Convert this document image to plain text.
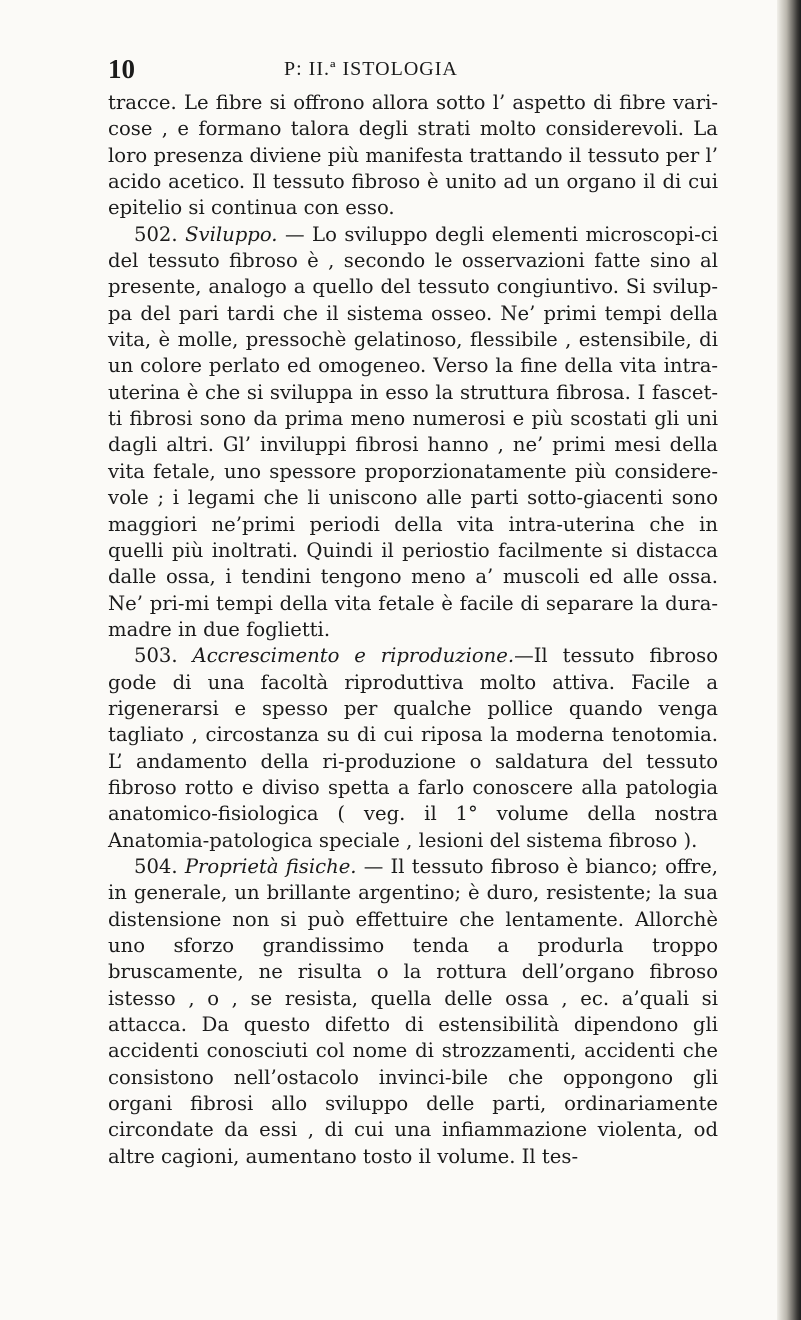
10	P: II.ª ISTOLOGIA

tracce. Le fibre si offrono allora sotto l’ aspetto di fibre vari-cose , e formano talora degli strati molto considerevoli. La loro presenza diviene più manifesta trattando il tessuto per l’ acido acetico. Il tessuto fibroso è unito ad un organo il di cui epitelio si continua con esso.

502. Sviluppo. — Lo sviluppo degli elementi microscopi-ci del tessuto fibroso è , secondo le osservazioni fatte sino al presente, analogo a quello del tessuto congiuntivo. Si svilup-pa del pari tardi che il sistema osseo. Ne’ primi tempi della vita, è molle, pressochè gelatinoso, flessibile , estensibile, di un colore perlato ed omogeneo. Verso la fine della vita intra-uterina è che si sviluppa in esso la struttura fibrosa. I fascet-ti fibrosi sono da prima meno numerosi e più scostati gli uni dagli altri. Gl’ inviluppi fibrosi hanno , ne’ primi mesi della vita fetale, uno spessore proporzionatamente più considere-vole ; i legami che li uniscono alle parti sotto-giacenti sono maggiori ne’primi periodi della vita intra-uterina che in quelli più inoltrati. Quindi il periostio facilmente si distacca dalle ossa, i tendini tengono meno a’ muscoli ed alle ossa. Ne’ pri-mi tempi della vita fetale è facile di separare la dura-madre in due foglietti.

503. Accrescimento e riproduzione.—Il tessuto fibroso gode di una facoltà riproduttiva molto attiva. Facile a rigenerarsi e spesso per qualche pollice quando venga tagliato , circostanza su di cui riposa la moderna tenotomia. L’ andamento della ri-produzione o saldatura del tessuto fibroso rotto e diviso spetta a farlo conoscere alla patologia anatomico-fisiologica ( veg. il 1° volume della nostra Anatomia-patologica speciale , lesioni del sistema fibroso ).

504. Proprietà fisiche. — Il tessuto fibroso è bianco; offre, in generale, un brillante argentino; è duro, resistente; la sua distensione non si può effettuire che lentamente. Allorchè uno sforzo grandissimo tenda a produrla troppo bruscamente, ne risulta o la rottura dell’organo fibroso istesso , o , se resista, quella delle ossa , ec. a’quali si attacca. Da questo difetto di estensibilità dipendono gli accidenti conosciuti col nome di strozzamenti, accidenti che consistono nell’ostacolo invinci-bile che oppongono gli organi fibrosi allo sviluppo delle parti, ordinariamente circondate da essi , di cui una infiammazione violenta, od altre cagioni, aumentano tosto il volume. Il tes-
